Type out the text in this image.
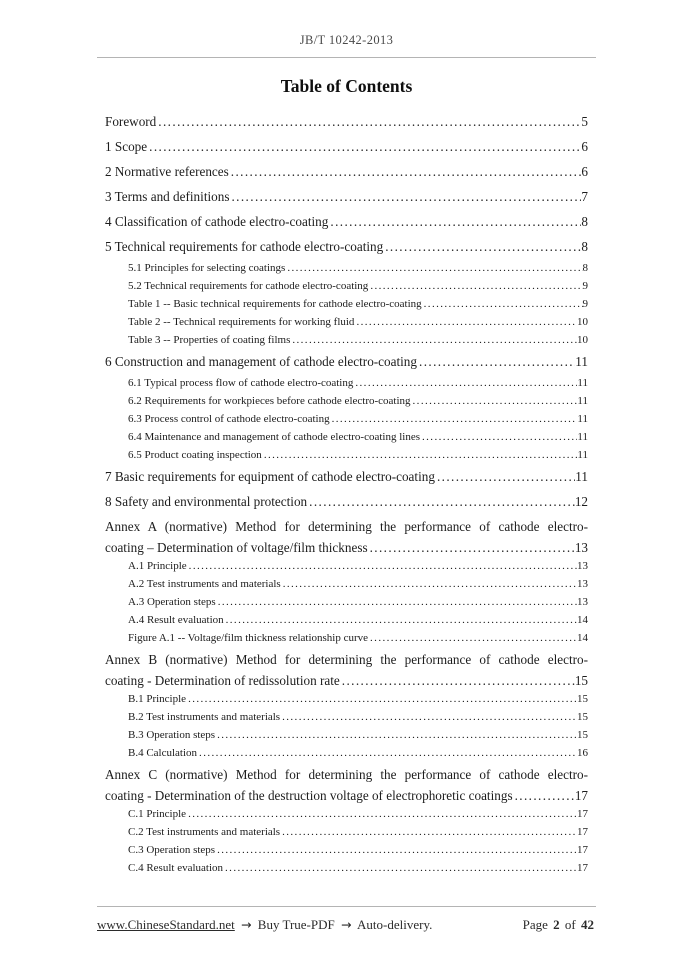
JB/T 10242-2013
Table of Contents
Foreword .....	5
1 Scope .....	6
2 Normative references .....	6
3 Terms and definitions .....	7
4 Classification of cathode electro-coating .....	8
5 Technical requirements for cathode electro-coating .....	8
5.1 Principles for selecting coatings .....	8
5.2 Technical requirements for cathode electro-coating .....	9
Table 1 -- Basic technical requirements for cathode electro-coating .....	9
Table 2 -- Technical requirements for working fluid .....	10
Table 3 -- Properties of coating films .....	10
6 Construction and management of cathode electro-coating .....	11
6.1 Typical process flow of cathode electro-coating .....	11
6.2 Requirements for workpieces before cathode electro-coating .....	11
6.3 Process control of cathode electro-coating .....	11
6.4 Maintenance and management of cathode electro-coating lines .....	11
6.5 Product coating inspection .....	11
7 Basic requirements for equipment of cathode electro-coating .....	11
8 Safety and environmental protection .....	12
Annex A (normative) Method for determining the performance of cathode electro-
coating – Determination of voltage/film thickness .....	13
A.1 Principle .....	13
A.2 Test instruments and materials .....	13
A.3 Operation steps .....	13
A.4 Result evaluation .....	14
Figure A.1 -- Voltage/film thickness relationship curve .....	14
Annex B (normative) Method for determining the performance of cathode electro-
coating - Determination of redissolution rate .....	15
B.1 Principle .....	15
B.2 Test instruments and materials .....	15
B.3 Operation steps .....	15
B.4 Calculation .....	16
Annex C (normative) Method for determining the performance of cathode electro-
coating - Determination of the destruction voltage of electrophoretic coatings .....	17
C.1 Principle .....	17
C.2 Test instruments and materials .....	17
C.3 Operation steps .....	17
C.4 Result evaluation .....	17
www.ChineseStandard.net → Buy True-PDF → Auto-delivery.	Page 2 of 42
